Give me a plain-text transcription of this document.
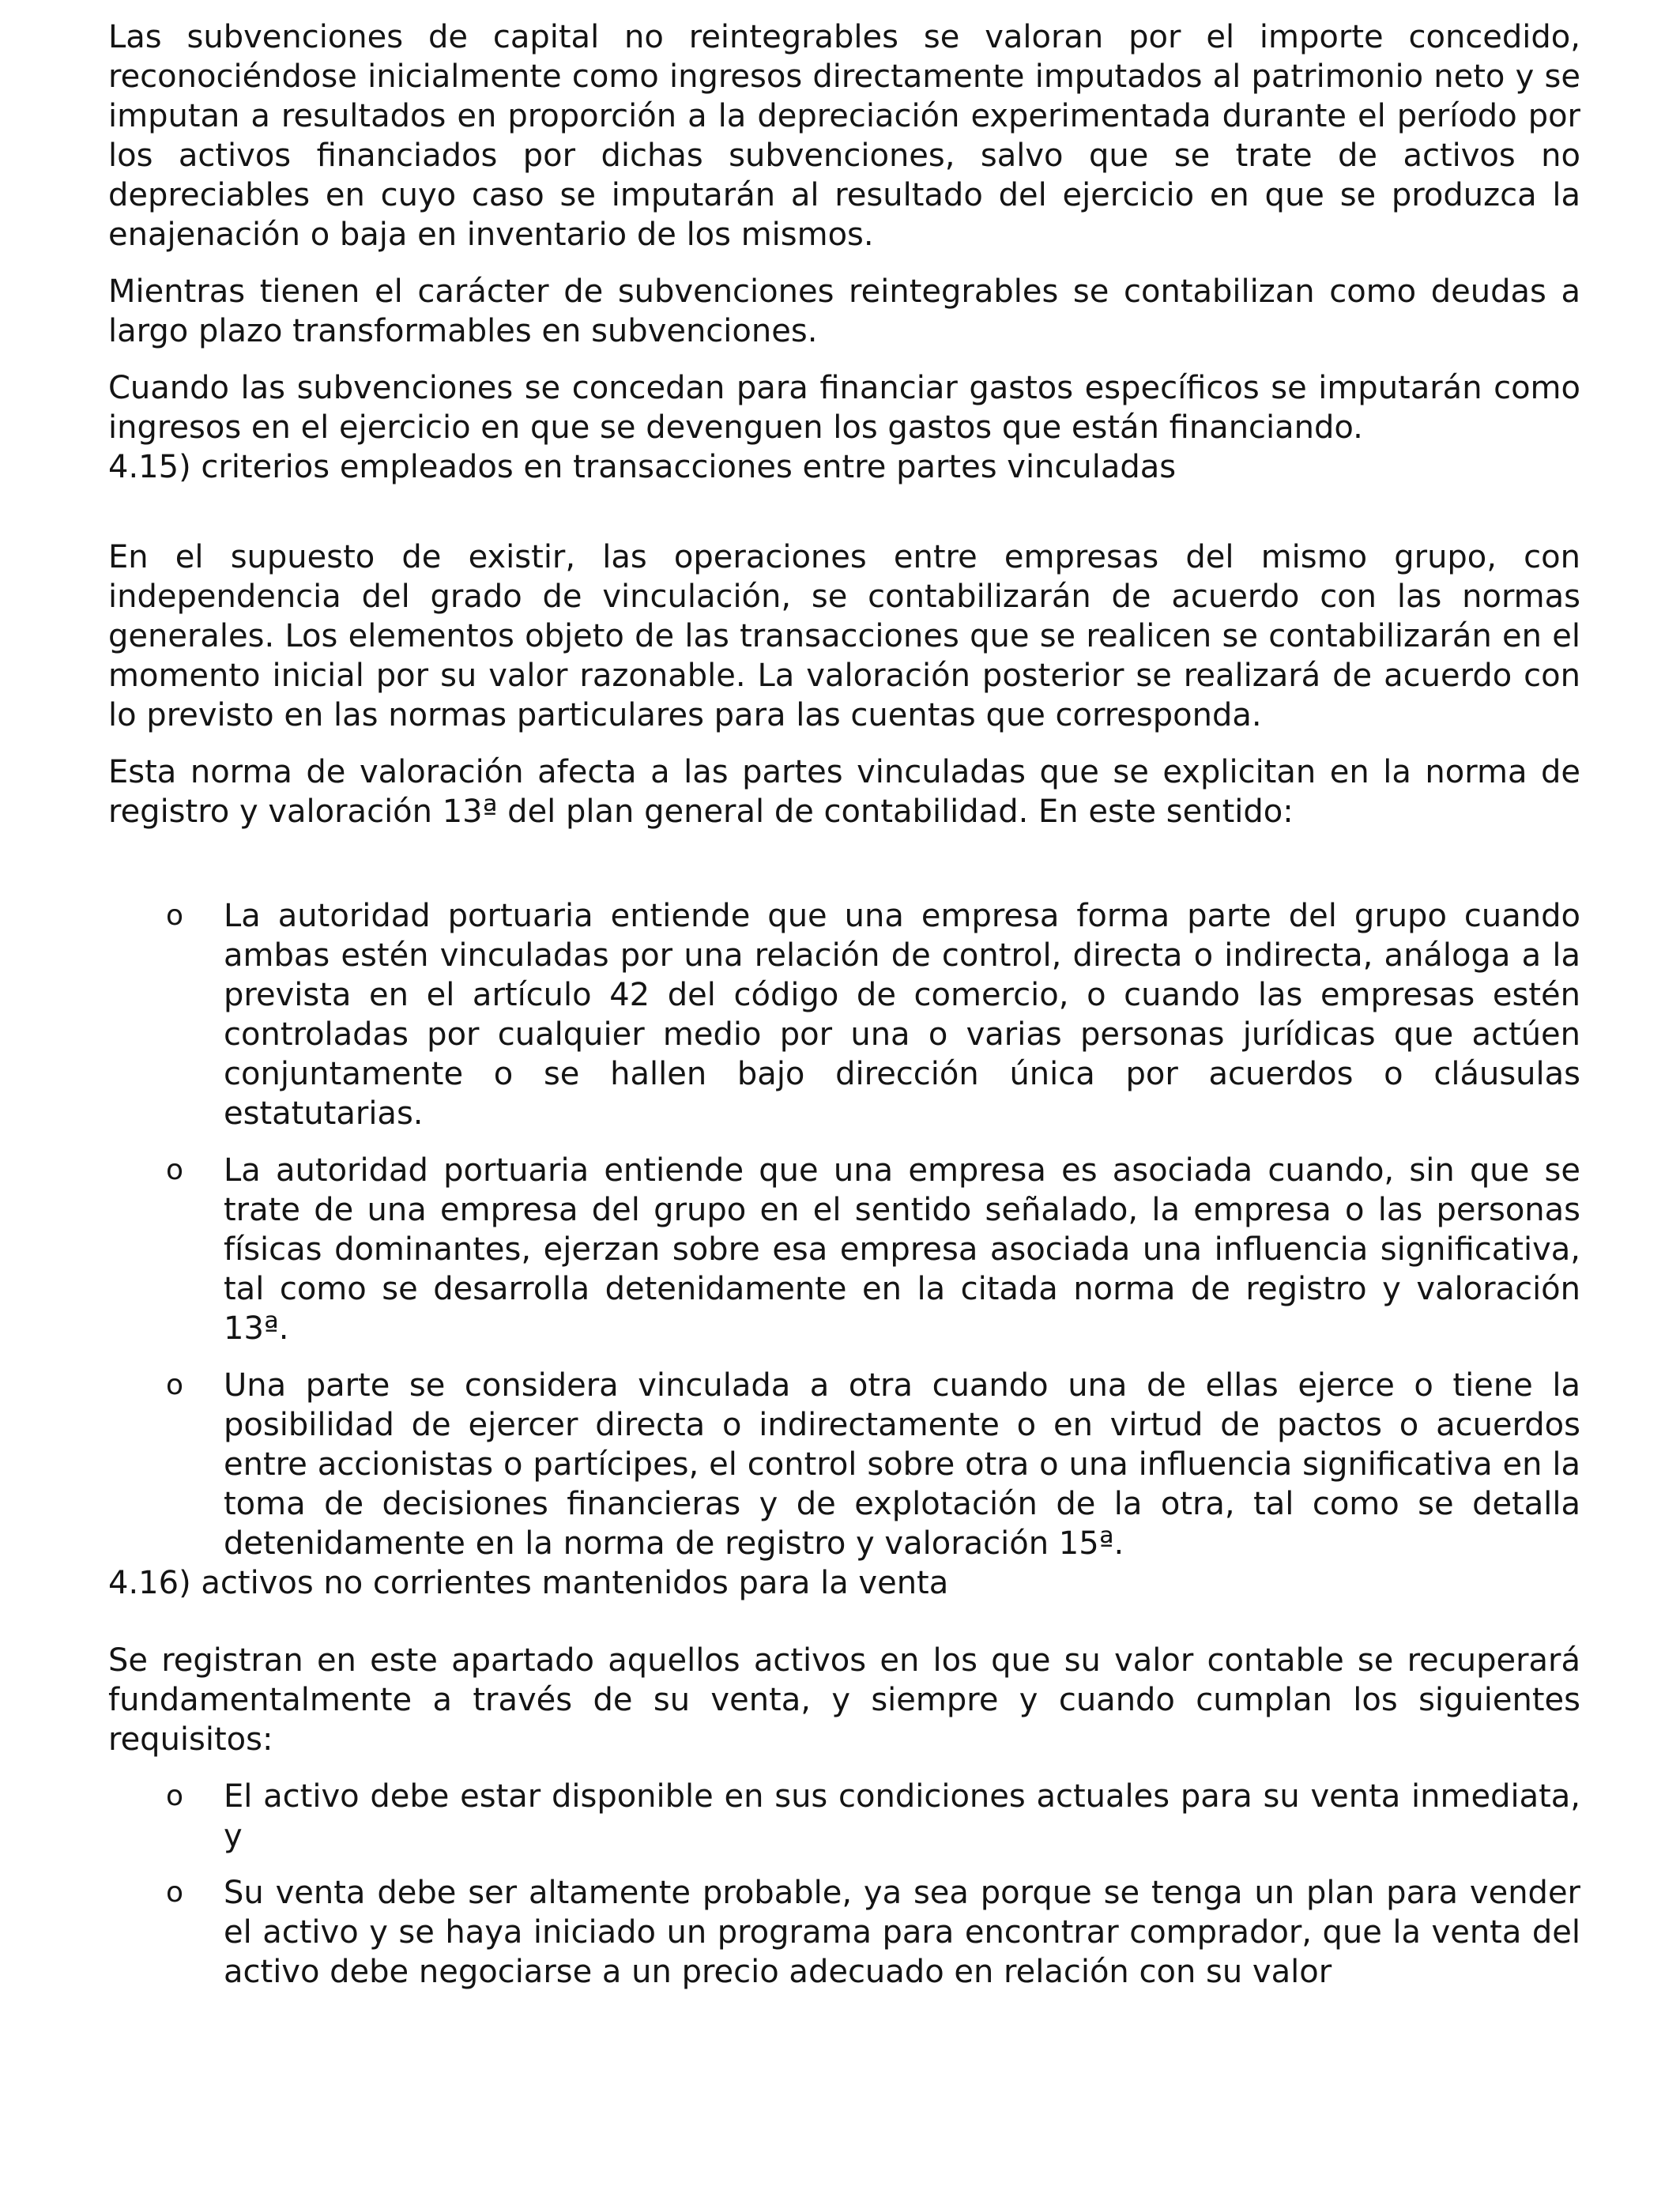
Las subvenciones de capital no reintegrables se valoran por el importe concedido, reconociéndose inicialmente como ingresos directamente imputados al patrimonio neto y se imputan a resultados en proporción a la depreciación experimentada durante el período por los activos financiados por dichas subvenciones, salvo que se trate de activos no depreciables en cuyo caso se imputarán al resultado del ejercicio en que se produzca la enajenación o baja en inventario de los mismos.

Mientras tienen el carácter de subvenciones reintegrables se contabilizan como deudas a largo plazo transformables en subvenciones.

Cuando las subvenciones se concedan para financiar gastos específicos se imputarán como ingresos en el ejercicio en que se devenguen los gastos que están financiando.

4.15) criterios empleados en transacciones entre partes vinculadas

En el supuesto de existir, las operaciones entre empresas del mismo grupo, con independencia del grado de vinculación, se contabilizarán de acuerdo con las normas generales. Los elementos objeto de las transacciones que se realicen se contabilizarán en el momento inicial por su valor razonable. La valoración posterior se realizará de acuerdo con lo previsto en las normas particulares para las cuentas que corresponda.

Esta norma de valoración afecta a las partes vinculadas que se explicitan en la norma de registro y valoración 13ª del plan general de contabilidad. En este sentido:

o La autoridad portuaria entiende que una empresa forma parte del grupo cuando ambas estén vinculadas por una relación de control, directa o indirecta, análoga a la prevista en el artículo 42 del código de comercio, o cuando las empresas estén controladas por cualquier medio por una o varias personas jurídicas que actúen conjuntamente o se hallen bajo dirección única por acuerdos o cláusulas estatutarias.
o La autoridad portuaria entiende que una empresa es asociada cuando, sin que se trate de una empresa del grupo en el sentido señalado, la empresa o las personas físicas dominantes, ejerzan sobre esa empresa asociada una influencia significativa, tal como se desarrolla detenidamente en la citada norma de registro y valoración 13ª.
o Una parte se considera vinculada a otra cuando una de ellas ejerce o tiene la posibilidad de ejercer directa o indirectamente o en virtud de pactos o acuerdos entre accionistas o partícipes, el control sobre otra o una influencia significativa en la toma de decisiones financieras y de explotación de la otra, tal como se detalla detenidamente en la norma de registro y valoración 15ª.
4.16) activos no corrientes mantenidos para la venta

Se registran en este apartado aquellos activos en los que su valor contable se recuperará fundamentalmente a través de su venta, y siempre y cuando cumplan los siguientes requisitos:

o El activo debe estar disponible en sus condiciones actuales para su venta inmediata, y
o Su venta debe ser altamente probable, ya sea porque se tenga un plan para vender el activo y se haya iniciado un programa para encontrar comprador, que la venta del activo debe negociarse a un precio adecuado en relación con su valor
